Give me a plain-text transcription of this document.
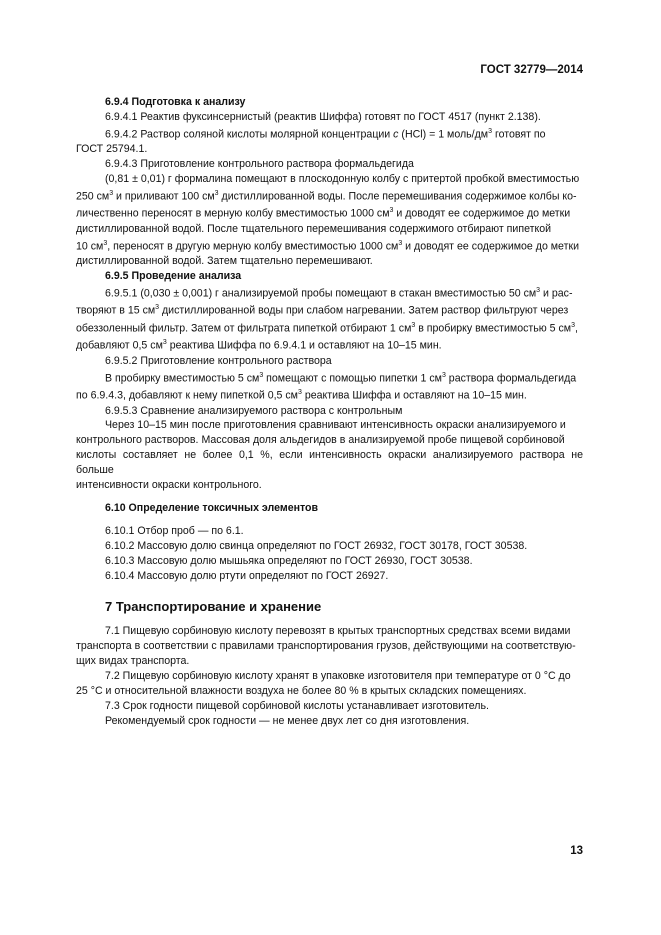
ГОСТ 32779—2014

6.9.4 Подготовка к анализу

6.9.4.1 Реактив фуксинсернистый (реактив Шиффа) готовят по ГОСТ 4517 (пункт 2.138).

6.9.4.2 Раствор соляной кислоты молярной концентрации c (HCl) = 1 моль/$дм^3$ готовят по

ГОСТ 25794.1.

6.9.4.3 Приготовление контрольного раствора формальдегида

(0,81 ± 0,01) г формалина помещают в плоскодонную колбу с притертой пробкой вместимостью

250 $см^3$ и приливают 100 $см^3$ дистиллированной воды. После перемешивания содержимое колбы ко-

личественно переносят в мерную колбу вместимостью 1000 $см^3$ и доводят ее содержимое до метки

дистиллированной водой. После тщательного перемешивания содержимого отбирают пипеткой

10 $см^3$, переносят в другую мерную колбу вместимостью 1000 $см^3$ и доводят ее содержимое до метки

дистиллированной водой. Затем тщательно перемешивают.

6.9.5 Проведение анализа

6.9.5.1 (0,030 ± 0,001) г анализируемой пробы помещают в стакан вместимостью 50 $см^3$ и рас-

творяют в 15 $см^3$ дистиллированной воды при слабом нагревании. Затем раствор фильтруют через

обеззоленный фильтр. Затем от фильтрата пипеткой отбирают 1 $см^3$ в пробирку вместимостью 5 $см^3$,

добавляют 0,5 $см^3$ реактива Шиффа по 6.9.4.1 и оставляют на 10–15 мин.

6.9.5.2 Приготовление контрольного раствора

В пробирку вместимостью 5 $см^3$ помещают с помощью пипетки 1 $см^3$ раствора формальдегида

по 6.9.4.3, добавляют к нему пипеткой 0,5 $см^3$ реактива Шиффа и оставляют на 10–15 мин.

6.9.5.3 Сравнение анализируемого раствора с контрольным

Через 10–15 мин после приготовления сравнивают интенсивность окраски анализируемого и

контрольного растворов. Массовая доля альдегидов в анализируемой пробе пищевой сорбиновой

кислоты составляет не более 0,1 %, если интенсивность окраски анализируемого раствора не больше

интенсивности окраски контрольного.

6.10 Определение токсичных элементов

6.10.1 Отбор проб — по 6.1.

6.10.2 Массовую долю свинца определяют по ГОСТ 26932, ГОСТ 30178, ГОСТ 30538.

6.10.3 Массовую долю мышьяка определяют по ГОСТ 26930, ГОСТ 30538.

6.10.4 Массовую долю ртути определяют по ГОСТ 26927.

7 Транспортирование и хранение

7.1 Пищевую сорбиновую кислоту перевозят в крытых транспортных средствах всеми видами

транспорта в соответствии с правилами транспортирования грузов, действующими на соответствую-

щих видах транспорта.

7.2 Пищевую сорбиновую кислоту хранят в упаковке изготовителя при температуре от 0 °С до

25 °С и относительной влажности воздуха не более 80 % в крытых складских помещениях.

7.3 Срок годности пищевой сорбиновой кислоты устанавливает изготовитель.

Рекомендуемый срок годности — не менее двух лет со дня изготовления.

13
